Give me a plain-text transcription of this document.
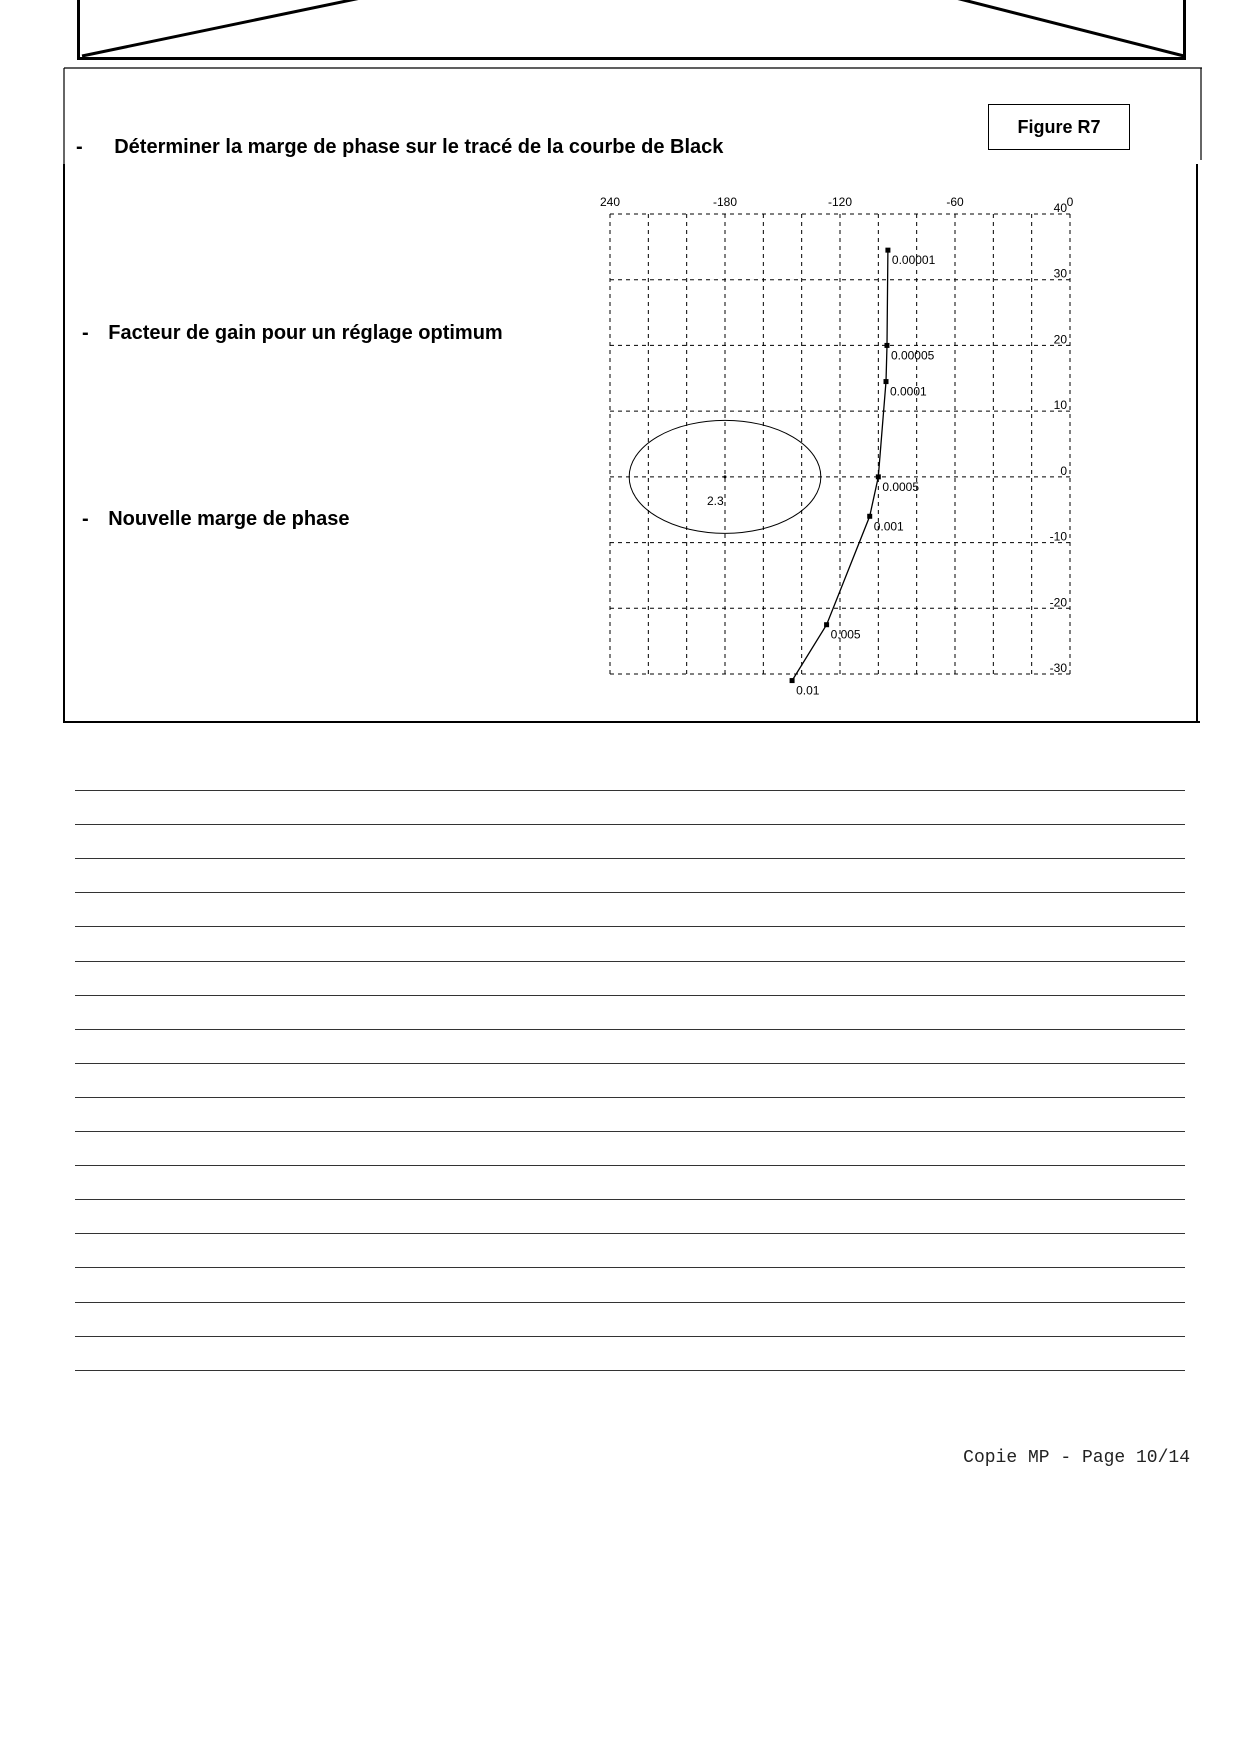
- Déterminer la marge de phase sur le tracé de la courbe de Black
Figure R7
- Facteur de gain pour un réglage optimum
- Nouvelle marge de phase
240	-180	-120	-60	0
40
30
20
10
0
-10
-20
-30
2.3
0.00001
0.00005
0.0001
0.0005
0.001
0.005
0.01
Copie MP - Page 10/14
